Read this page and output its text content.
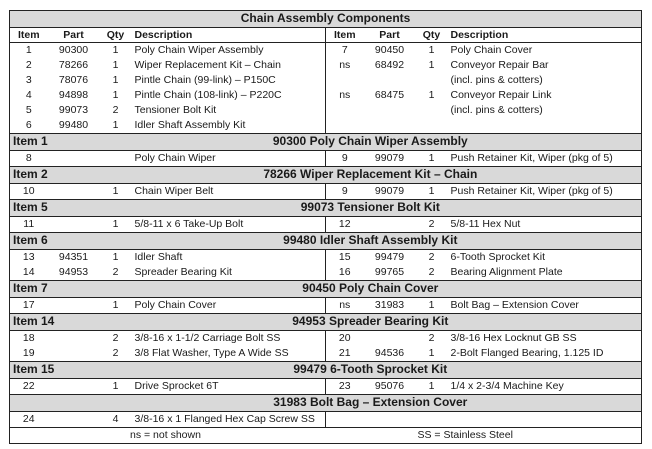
Chain Assembly Components							
Item	Part	Qty	Description	Item	Part	Qty	Description
1	90300	1	Poly Chain Wiper Assembly	7	90450	1	Poly Chain Cover
2	78266	1	Wiper Replacement Kit – Chain	ns	68492	1	Conveyor Repair Bar
3	78076	1	Pintle Chain (99-link) – P150C				(incl. pins & cotters)
4	94898	1	Pintle Chain (108-link) – P220C	ns	68475	1	Conveyor Repair Link
5	99073	2	Tensioner Bolt Kit				(incl. pins & cotters)
6	99480	1	Idler Shaft Assembly Kit				
Item 1		90300 Poly Chain Wiper Assembly					
8			Poly Chain Wiper	9	99079	1	Push Retainer Kit, Wiper (pkg of 5)
Item 2		78266 Wiper Replacement Kit – Chain					
10		1	Chain Wiper Belt	9	99079	1	Push Retainer Kit, Wiper (pkg of 5)
Item 5		99073 Tensioner Bolt Kit					
11		1	5/8-11 x 6 Take-Up Bolt	12		2	5/8-11 Hex Nut
Item 6		99480 Idler Shaft Assembly Kit					
13	94351	1	Idler Shaft	15	99479	2	6-Tooth Sprocket Kit
14	94953	2	Spreader Bearing Kit	16	99765	2	Bearing Alignment Plate
Item 7		90450 Poly Chain Cover					
17		1	Poly Chain Cover	ns	31983	1	Bolt Bag – Extension Cover
Item 14		94953 Spreader Bearing Kit					
18		2	3/8-16 x 1-1/2 Carriage Bolt SS	20		2	3/8-16 Hex Locknut GB SS
19		2	3/8 Flat Washer, Type A Wide SS	21	94536	1	2-Bolt Flanged Bearing, 1.125 ID
Item 15		99479 6-Tooth Sprocket Kit					
22		1	Drive Sprocket 6T	23	95076	1	1/4 x 2-3/4 Machine Key
		31983 Bolt Bag – Extension Cover					
24		4	3/8-16 x 1 Flanged Hex Cap Screw SS				
ns = not shown				SS = Stainless Steel			
